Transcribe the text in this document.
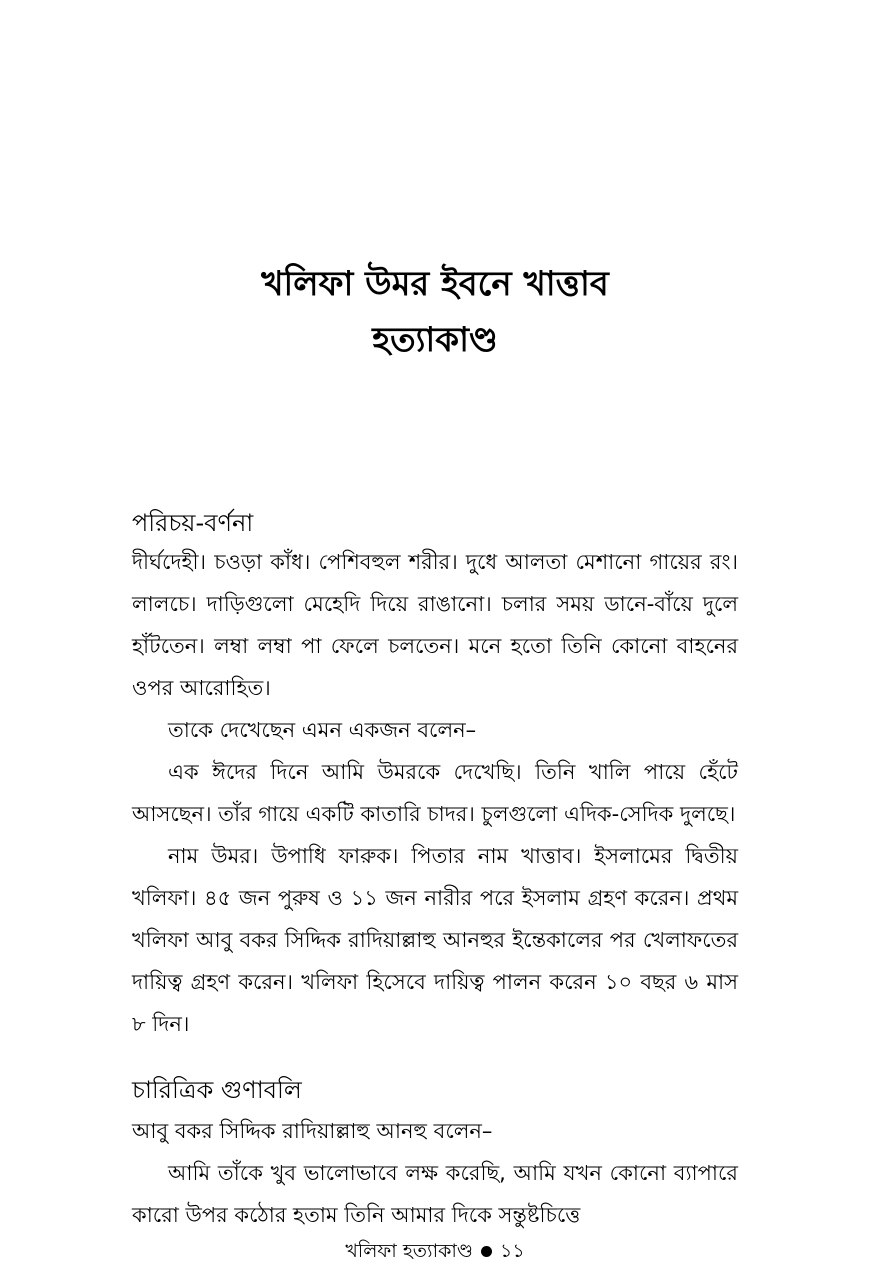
খলিফা উমর ইবনে খাত্তাব
হত্যাকাণ্ড
পরিচয়-বর্ণনা

দীর্ঘদেহী। চওড়া কাঁধ। পেশিবহুল শরীর। দুধে আলতা মেশানো গায়ের রং। লালচে। দাড়িগুলো মেহেদি দিয়ে রাঙানো। চলার সময় ডানে-বাঁয়ে দুলে হাঁটতেন। লম্বা লম্বা পা ফেলে চলতেন। মনে হতো তিনি কোনো বাহনের ওপর আরোহিত।

তাকে দেখেছেন এমন একজন বলেন–

এক ঈদের দিনে আমি উমরকে দেখেছি। তিনি খালি পায়ে হেঁটে আসছেন। তাঁর গায়ে একটি কাতারি চাদর। চুলগুলো এদিক-সেদিক দুলছে।

নাম উমর। উপাধি ফারুক। পিতার নাম খাত্তাব। ইসলামের দ্বিতীয় খলিফা। ৪৫ জন পুরুষ ও ১১ জন নারীর পরে ইসলাম গ্রহণ করেন। প্রথম খলিফা আবু বকর সিদ্দিক রাদিয়াল্লাহু আনহুর ইন্তেকালের পর খেলাফতের দায়িত্ব গ্রহণ করেন। খলিফা হিসেবে দায়িত্ব পালন করেন ১০ বছর ৬ মাস ৮ দিন।

চারিত্রিক গুণাবলি

আবু বকর সিদ্দিক রাদিয়াল্লাহু আনহু বলেন–

আমি তাঁকে খুব ভালোভাবে লক্ষ করেছি, আমি যখন কোনো ব্যাপারে কারো উপর কঠোর হতাম তিনি আমার দিকে সন্তুষ্টচিত্তে

খলিফা হত্যাকাণ্ড ১১
